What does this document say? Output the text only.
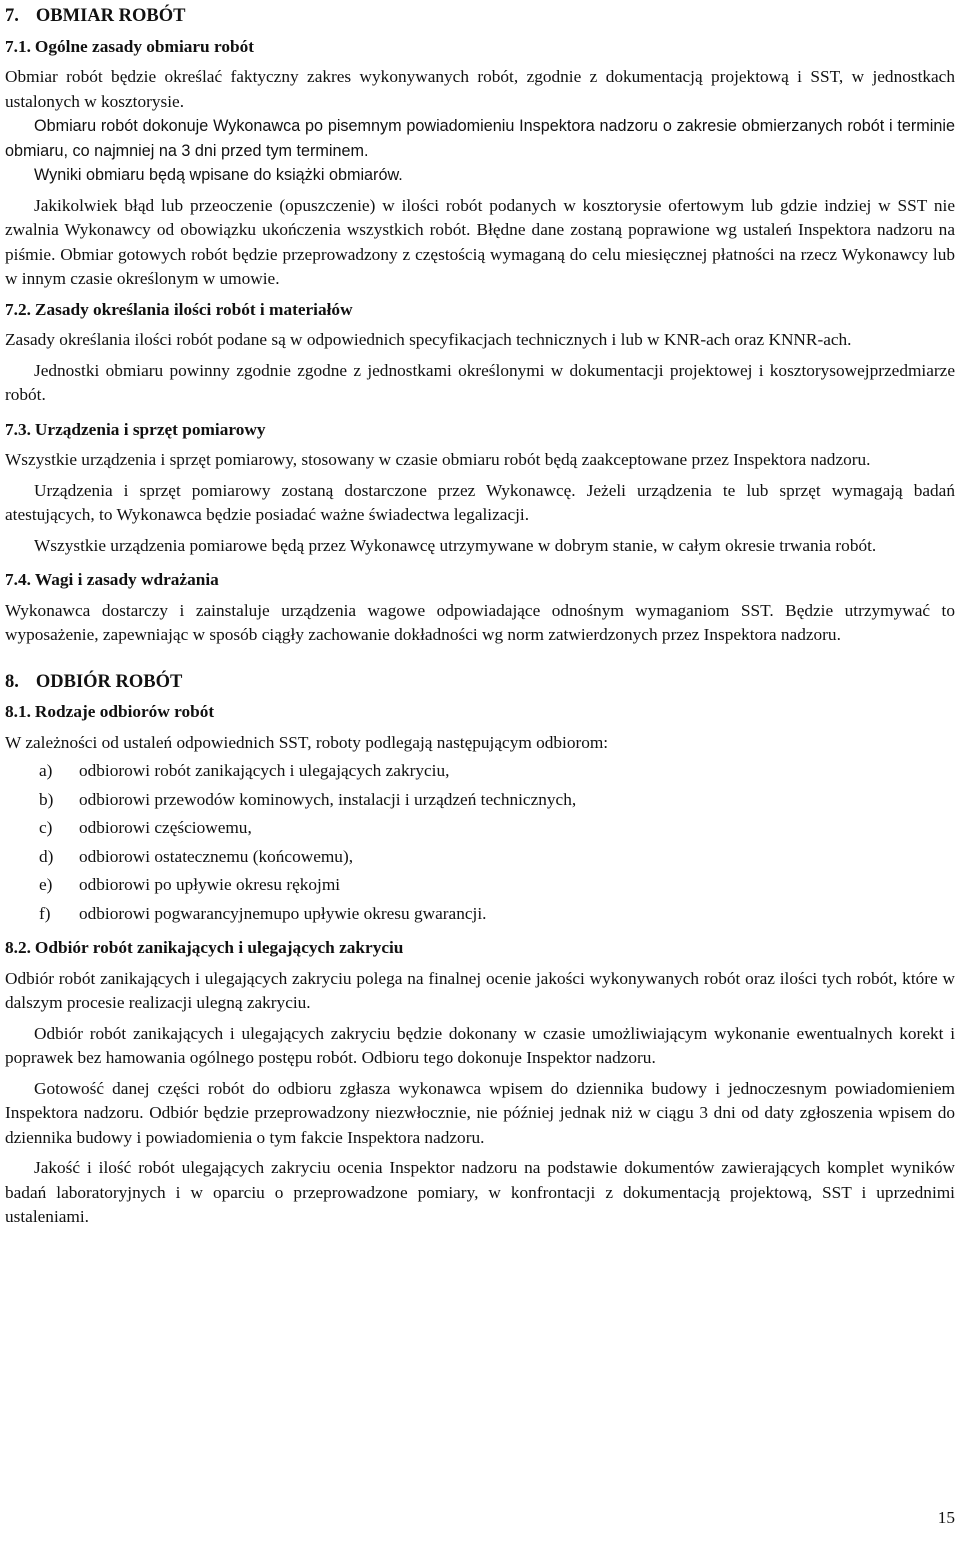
7. OBMIAR ROBÓT
7.1. Ogólne zasady obmiaru robót

Obmiar robót będzie określać faktyczny zakres wykonywanych robót, zgodnie z dokumentacją projektową i SST, w jednostkach ustalonych w kosztorysie.

Obmiaru robót dokonuje Wykonawca po pisemnym powiadomieniu Inspektora nadzoru o zakresie obmierzanych robót i terminie obmiaru, co najmniej na 3 dni przed tym terminem.

Wyniki obmiaru będą wpisane do książki obmiarów.

Jakikolwiek błąd lub przeoczenie (opuszczenie) w ilości robót podanych w kosztorysie ofertowym lub gdzie indziej w SST nie zwalnia Wykonawcy od obowiązku ukończenia wszystkich robót. Błędne dane zostaną poprawione wg ustaleń Inspektora nadzoru na piśmie. Obmiar gotowych robót będzie przeprowadzony z częstością wymaganą do celu miesięcznej płatności na rzecz Wykonawcy lub w innym czasie określonym w umowie.

7.2. Zasady określania ilości robót i materiałów

Zasady określania ilości robót podane są w odpowiednich specyfikacjach technicznych i lub w KNR-ach oraz KNNR-ach.

Jednostki obmiaru powinny zgodnie zgodne z jednostkami określonymi w dokumentacji projektowej i kosztorysowejprzedmiarze robót.

7.3. Urządzenia i sprzęt pomiarowy

Wszystkie urządzenia i sprzęt pomiarowy, stosowany w czasie obmiaru robót będą zaakceptowane przez Inspektora nadzoru.

Urządzenia i sprzęt pomiarowy zostaną dostarczone przez Wykonawcę. Jeżeli urządzenia te lub sprzęt wymagają badań atestujących, to Wykonawca będzie posiadać ważne świadectwa legalizacji.

Wszystkie urządzenia pomiarowe będą przez Wykonawcę utrzymywane w dobrym stanie, w całym okresie trwania robót.

7.4. Wagi i zasady wdrażania

Wykonawca dostarczy i zainstaluje urządzenia wagowe odpowiadające odnośnym wymaganiom SST. Będzie utrzymywać to wyposażenie, zapewniając w sposób ciągły zachowanie dokładności wg norm zatwierdzonych przez Inspektora nadzoru.

8. ODBIÓR ROBÓT
8.1. Rodzaje odbiorów robót

W zależności od ustaleń odpowiednich SST, roboty podlegają następującym odbiorom:

a)	odbiorowi robót zanikających i ulegających zakryciu,
b)	odbiorowi przewodów kominowych, instalacji i urządzeń technicznych,
c)	odbiorowi częściowemu,
d)	odbiorowi ostatecznemu (końcowemu),
e)	odbiorowi po upływie okresu rękojmi
f)	odbiorowi pogwarancyjnemupo upływie okresu gwarancji.
8.2. Odbiór robót zanikających i ulegających zakryciu

Odbiór robót zanikających i ulegających zakryciu polega na finalnej ocenie jakości wykonywanych robót oraz ilości tych robót, które w dalszym procesie realizacji ulegną zakryciu.

Odbiór robót zanikających i ulegających zakryciu będzie dokonany w czasie umożliwiającym wykonanie ewentualnych korekt i poprawek bez hamowania ogólnego postępu robót. Odbioru tego dokonuje Inspektor nadzoru.

Gotowość danej części robót do odbioru zgłasza wykonawca wpisem do dziennika budowy i jednoczesnym powiadomieniem Inspektora nadzoru. Odbiór będzie przeprowadzony niezwłocznie, nie później jednak niż w ciągu 3 dni od daty zgłoszenia wpisem do dziennika budowy i powiadomienia o tym fakcie Inspektora nadzoru.

Jakość i ilość robót ulegających zakryciu ocenia Inspektor nadzoru na podstawie dokumentów zawierających komplet wyników badań laboratoryjnych i w oparciu o przeprowadzone pomiary, w konfrontacji z dokumentacją projektową, SST i uprzednimi ustaleniami.

15
